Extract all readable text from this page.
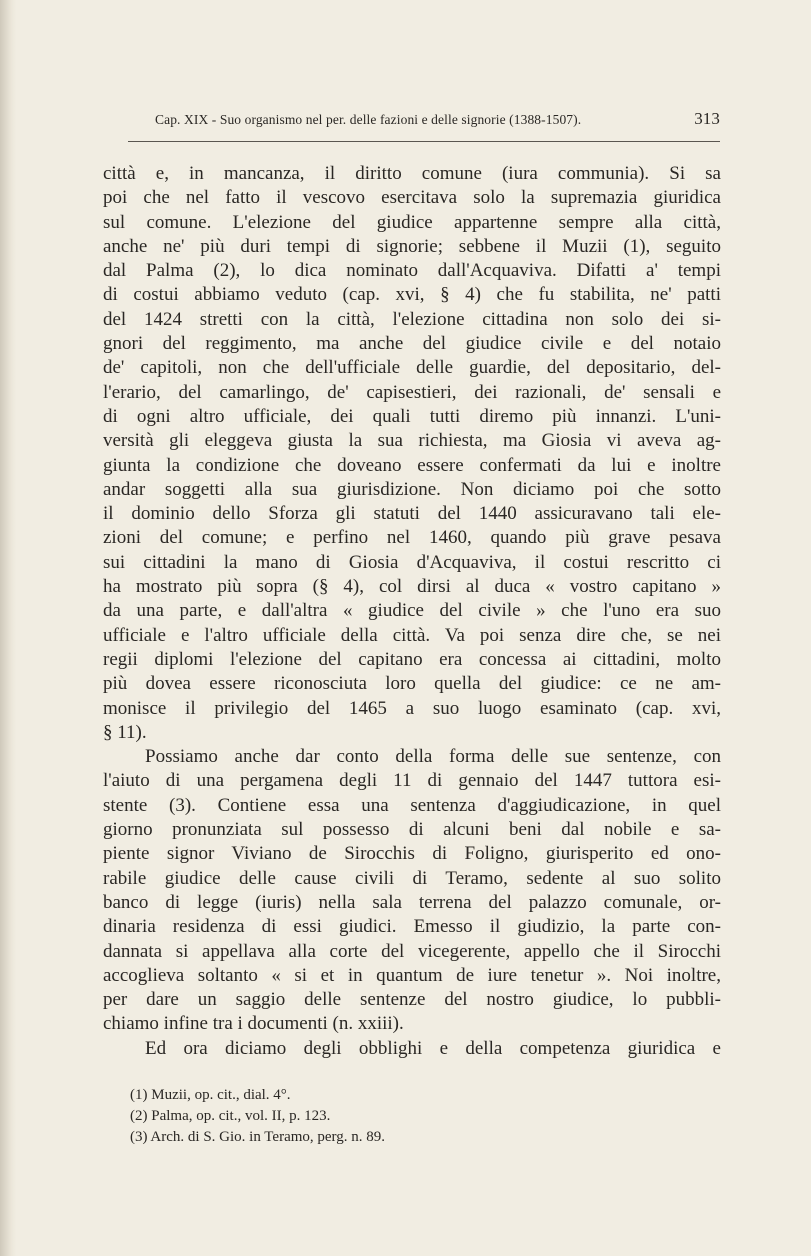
Cap. XIX - Suo organismo nel per. delle fazioni e delle signorie (1388-1507).	313

città e, in mancanza, il diritto comune (iura communia). Si sa
poi che nel fatto il vescovo esercitava solo la supremazia giuridica
sul comune. L'elezione del giudice appartenne sempre alla città,
anche ne' più duri tempi di signorie; sebbene il Muzii (1), seguito
dal Palma (2), lo dica nominato dall'Acquaviva. Difatti a' tempi
di costui abbiamo veduto (cap. xvi, § 4) che fu stabilita, ne' patti
del 1424 stretti con la città, l'elezione cittadina non solo dei si-
gnori del reggimento, ma anche del giudice civile e del notaio
de' capitoli, non che dell'ufficiale delle guardie, del depositario, del-
l'erario, del camarlingo, de' capisestieri, dei razionali, de' sensali e
di ogni altro ufficiale, dei quali tutti diremo più innanzi. L'uni-
versità gli eleggeva giusta la sua richiesta, ma Giosia vi aveva ag-
giunta la condizione che doveano essere confermati da lui e inoltre
andar soggetti alla sua giurisdizione. Non diciamo poi che sotto
il dominio dello Sforza gli statuti del 1440 assicuravano tali ele-
zioni del comune; e perfino nel 1460, quando più grave pesava
sui cittadini la mano di Giosia d'Acquaviva, il costui rescritto ci
ha mostrato più sopra (§ 4), col dirsi al duca « vostro capitano »
da una parte, e dall'altra « giudice del civile » che l'uno era suo
ufficiale e l'altro ufficiale della città. Va poi senza dire che, se nei
regii diplomi l'elezione del capitano era concessa ai cittadini, molto
più dovea essere riconosciuta loro quella del giudice: ce ne am-
monisce il privilegio del 1465 a suo luogo esaminato (cap. xvi,
§ 11).

Possiamo anche dar conto della forma delle sue sentenze, con
l'aiuto di una pergamena degli 11 di gennaio del 1447 tuttora esi-
stente (3). Contiene essa una sentenza d'aggiudicazione, in quel
giorno pronunziata sul possesso di alcuni beni dal nobile e sa-
piente signor Viviano de Sirocchis di Foligno, giurisperito ed ono-
rabile giudice delle cause civili di Teramo, sedente al suo solito
banco di legge (iuris) nella sala terrena del palazzo comunale, or-
dinaria residenza di essi giudici. Emesso il giudizio, la parte con-
dannata si appellava alla corte del vicegerente, appello che il Sirocchi
accoglieva soltanto « si et in quantum de iure tenetur ». Noi inoltre,
per dare un saggio delle sentenze del nostro giudice, lo pubbli-
chiamo infine tra i documenti (n. xxiii).

Ed ora diciamo degli obblighi e della competenza giuridica e

(1) Muzii, op. cit., dial. 4°.
(2) Palma, op. cit., vol. II, p. 123.
(3) Arch. di S. Gio. in Teramo, perg. n. 89.
